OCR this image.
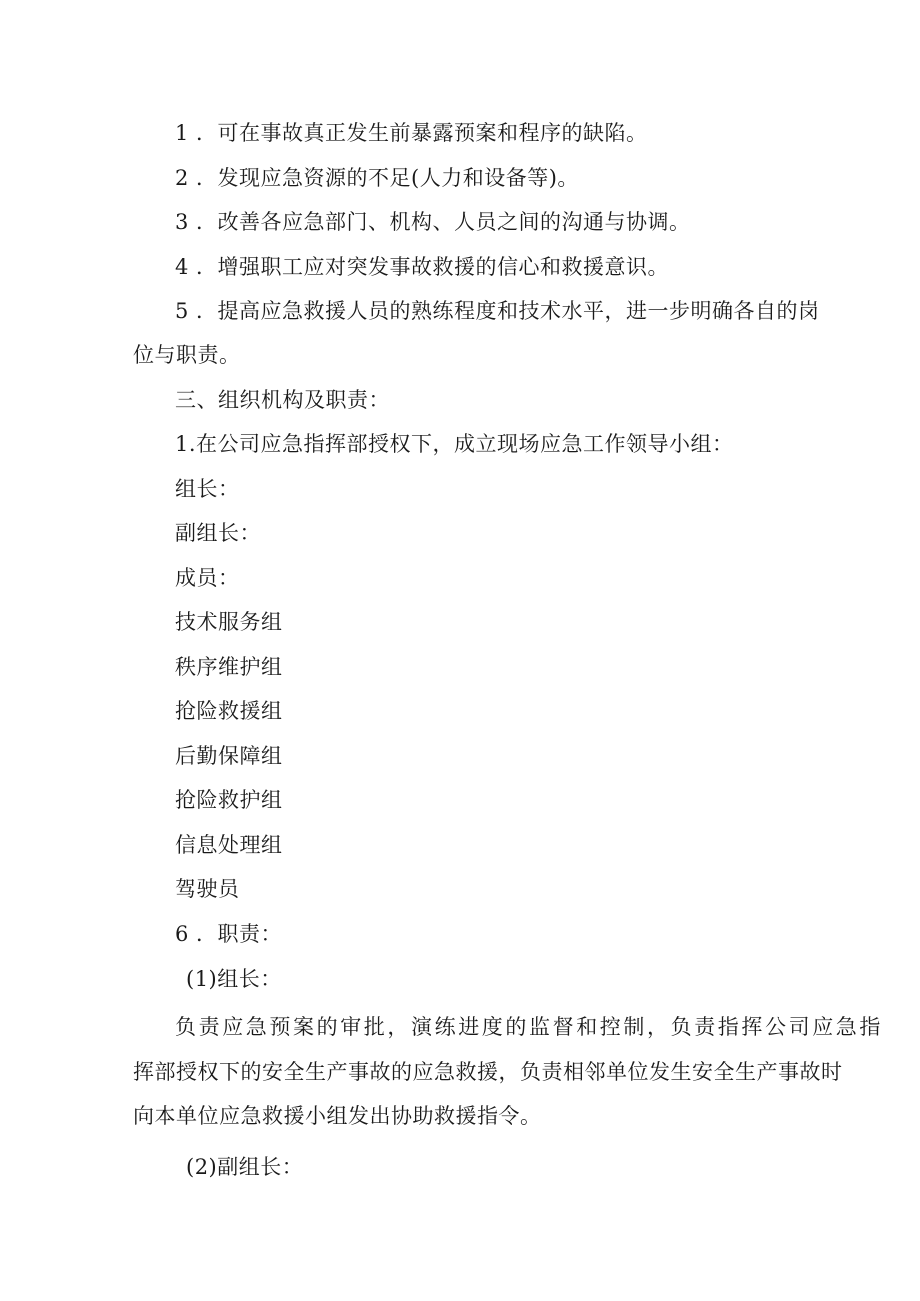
1 ．可在事故真正发生前暴露预案和程序的缺陷。
2 ．发现应急资源的不足(人力和设备等)。
3 ．改善各应急部门、机构、人员之间的沟通与协调。
4 ．增强职工应对突发事故救援的信心和救援意识。
5 ．提高应急救援人员的熟练程度和技术水平，进一步明确各自的岗
位与职责。
三、组织机构及职责：
1.在公司应急指挥部授权下，成立现场应急工作领导小组：
组长：
副组长：
成员：
技术服务组
秩序维护组
抢险救援组
后勤保障组
抢险救护组
信息处理组
驾驶员
6 ．职责：
(1)组长：
负责应急预案的审批，演练进度的监督和控制，负责指挥公司应急指
挥部授权下的安全生产事故的应急救援，负责相邻单位发生安全生产事故时
向本单位应急救援小组发出协助救援指令。
(2)副组长：
